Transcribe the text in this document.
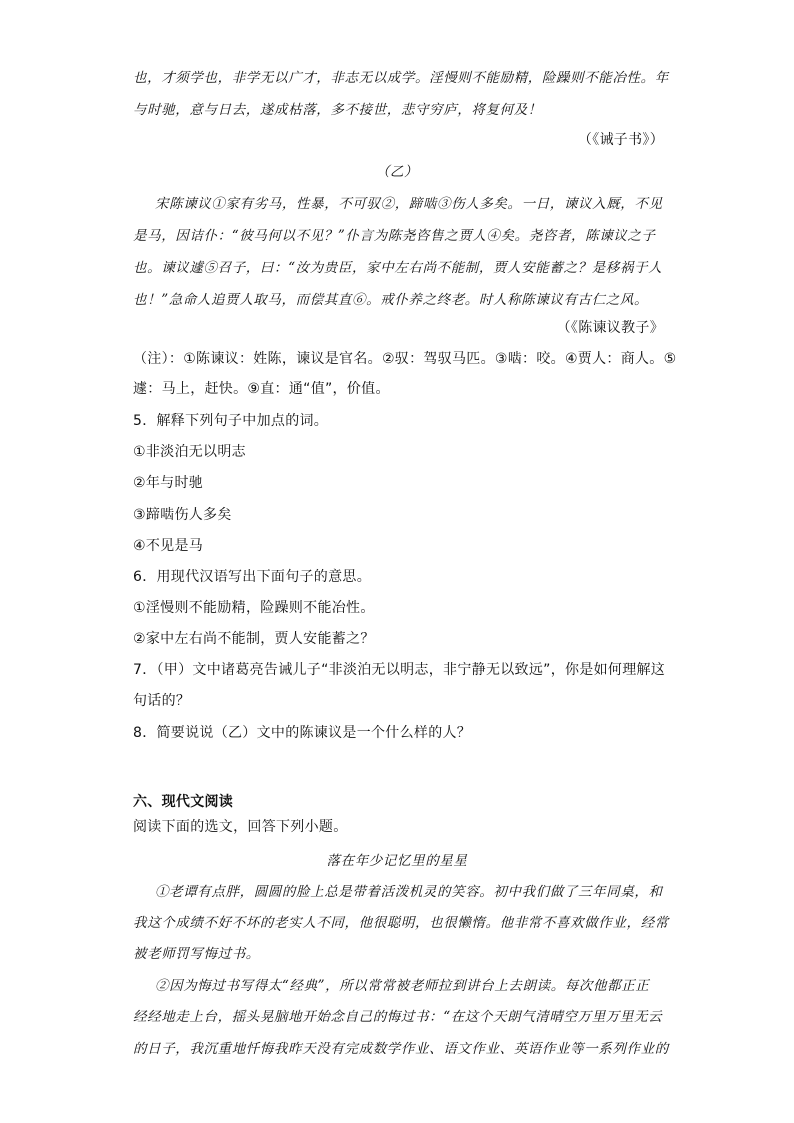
也，才须学也，非学无以广才，非志无以成学。淫慢则不能励精，险躁则不能冶性。年
与时驰，意与日去，遂成枯落，多不接世，悲守穷庐，将复何及！
（《诫子书》）
（乙）
宋陈谏议①家有劣马，性暴，不可驭②，蹄啮③伤人多矣。一日，谏议入厩，不见
是马，因诘仆：“彼马何以不见？”仆言为陈尧咨售之贾人④矣。尧咨者，陈谏议之子
也。谏议遽⑤召子，曰：“汝为贵臣，家中左右尚不能制，贾人安能蓄之？是移祸于人
也！”急命人追贾人取马，而偿其直⑥。戒仆养之终老。时人称陈谏议有古仁之风。
（《陈谏议教子》
（注）：①陈谏议：姓陈，谏议是官名。②驭：驾驭马匹。③啮：咬。④贾人：商人。⑤
遽：马上，赶快。⑨直：通“值”，价值。
5．解释下列句子中加点的词。
①非淡泊无以明志
②年与时驰
③蹄啮伤人多矣
④不见是马
6．用现代汉语写出下面句子的意思。
①淫慢则不能励精，险躁则不能冶性。
②家中左右尚不能制，贾人安能蓄之？
7．（甲）文中诸葛亮告诫儿子“非淡泊无以明志，非宁静无以致远”，你是如何理解这
句话的？
8．简要说说（乙）文中的陈谏议是一个什么样的人？
六、现代文阅读
阅读下面的选文，回答下列小题。
落在年少记忆里的星星
①老谭有点胖，圆圆的脸上总是带着活泼机灵的笑容。初中我们做了三年同桌，和
我这个成绩不好不坏的老实人不同，他很聪明，也很懒惰。他非常不喜欢做作业，经常
被老师罚写悔过书。
②因为悔过书写得太“经典”，所以常常被老师拉到讲台上去朗读。每次他都正正
经经地走上台，摇头晃脑地开始念自己的悔过书：“在这个天朗气清晴空万里万里无云
的日子，我沉重地忏悔我昨天没有完成数学作业、语文作业、英语作业等一系列作业的
